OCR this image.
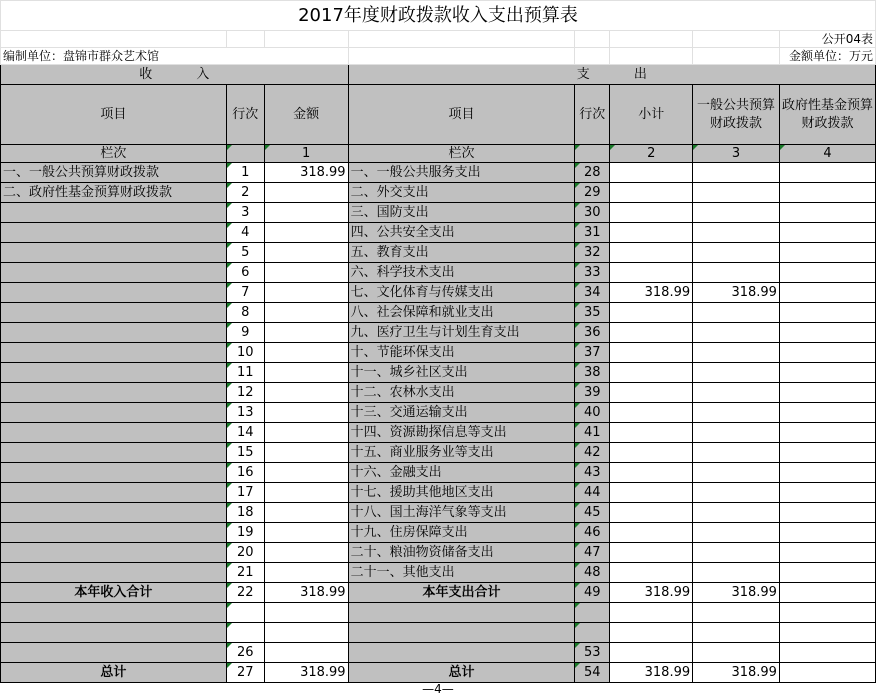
2017年度财政拨款收入支出预算表							
							公开04表
编制单位：盘锦市群众艺术馆							金额单位：万元
收 入			支 出				
项目	行次	金额	项目	行次	小计	一般公共预算财政拨款	政府性基金预算财政拨款
栏次		1	栏次		2	3	4
一、一般公共预算财政拨款	1	318.99	一、一般公共服务支出	28			
二、政府性基金预算财政拨款	2		二、外交支出	29			
	3		三、国防支出	30			
	4		四、公共安全支出	31			
	5		五、教育支出	32			
	6		六、科学技术支出	33			
	7		七、文化体育与传媒支出	34	318.99	318.99	
	8		八、社会保障和就业支出	35			
	9		九、医疗卫生与计划生育支出	36			
	10		十、节能环保支出	37			
	11		十一、城乡社区支出	38			
	12		十二、农林水支出	39			
	13		十三、交通运输支出	40			
	14		十四、资源勘探信息等支出	41			
	15		十五、商业服务业等支出	42			
	16		十六、金融支出	43			
	17		十七、援助其他地区支出	44			
	18		十八、国土海洋气象等支出	45			
	19		十九、住房保障支出	46			
	20		二十、粮油物资储备支出	47			
	21		二十一、其他支出	48			
本年收入合计	22	318.99	本年支出合计	49	318.99	318.99	

	26			53			
总计	27	318.99	总计	54	318.99	318.99	
—4—
